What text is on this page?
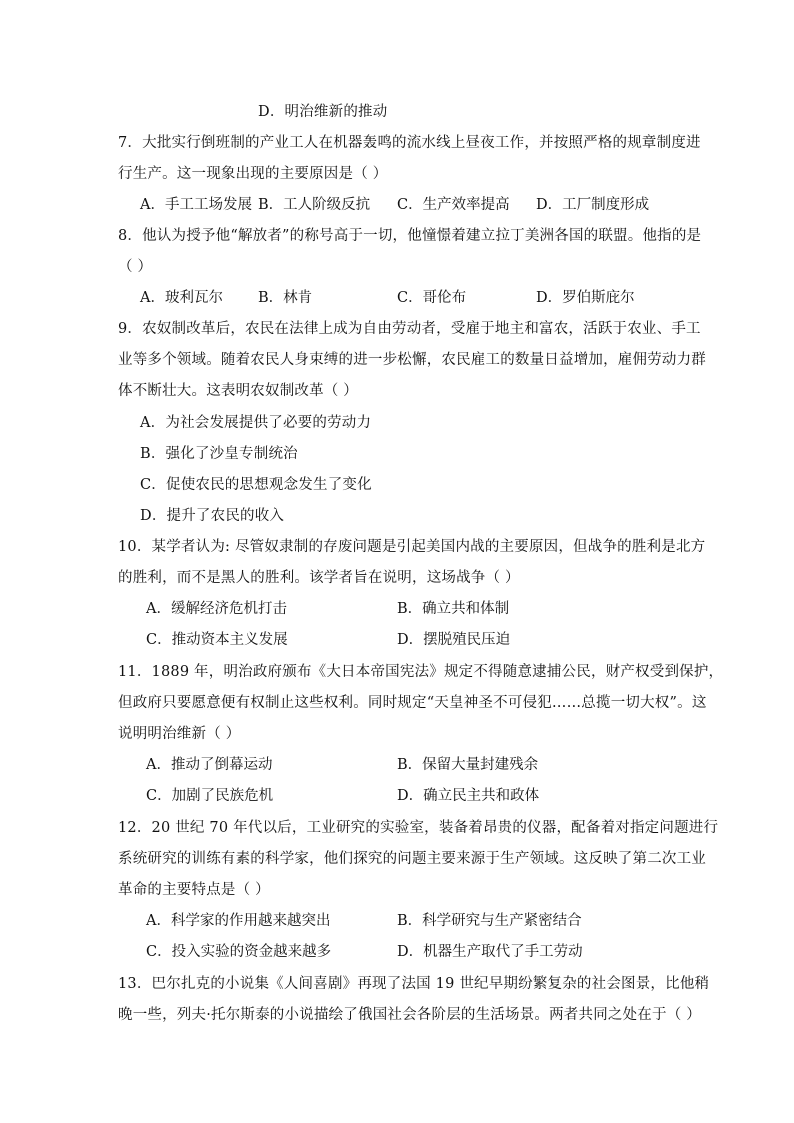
D．明治维新的推动
7．大批实行倒班制的产业工人在机器轰鸣的流水线上昼夜工作，并按照严格的规章制度进
行生产。这一现象出现的主要原因是（ ）
A．手工工场发展 B．工人阶级反抗 C．生产效率提高 D．工厂制度形成
8．他认为授予他“解放者”的称号高于一切，他憧憬着建立拉丁美洲各国的联盟。他指的是
（ ）
A．玻利瓦尔 B．林肯	C．哥伦布	D．罗伯斯庇尔
9．农奴制改革后，农民在法律上成为自由劳动者，受雇于地主和富农，活跃于农业、手工
业等多个领域。随着农民人身束缚的进一步松懈，农民雇工的数量日益增加，雇佣劳动力群
体不断壮大。这表明农奴制改革（ ）
A．为社会发展提供了必要的劳动力
B．强化了沙皇专制统治
C．促使农民的思想观念发生了变化
D．提升了农民的收入
10．某学者认为: 尽管奴隶制的存废问题是引起美国内战的主要原因，但战争的胜利是北方
的胜利，而不是黑人的胜利。该学者旨在说明，这场战争（ ）
A．缓解经济危机打击	B．确立共和体制
C．推动资本主义发展	D．摆脱殖民压迫
11．1889 年，明治政府颁布《大日本帝国宪法》规定不得随意逮捕公民，财产权受到保护，
但政府只要愿意便有权制止这些权利。同时规定“天皇神圣不可侵犯……总揽一切大权”。这
说明明治维新（ ）
A．推动了倒幕运动	B．保留大量封建残余
C．加剧了民族危机	D．确立民主共和政体
12．20 世纪 70 年代以后，工业研究的实验室，装备着昂贵的仪器，配备着对指定问题进行
系统研究的训练有素的科学家，他们探究的问题主要来源于生产领域。这反映了第二次工业
革命的主要特点是（ ）
A．科学家的作用越来越突出	B．科学研究与生产紧密结合
C．投入实验的资金越来越多	D．机器生产取代了手工劳动
13．巴尔扎克的小说集《人间喜剧》再现了法国 19 世纪早期纷繁复杂的社会图景，比他稍
晚一些，列夫·托尔斯泰的小说描绘了俄国社会各阶层的生活场景。两者共同之处在于（ ）
